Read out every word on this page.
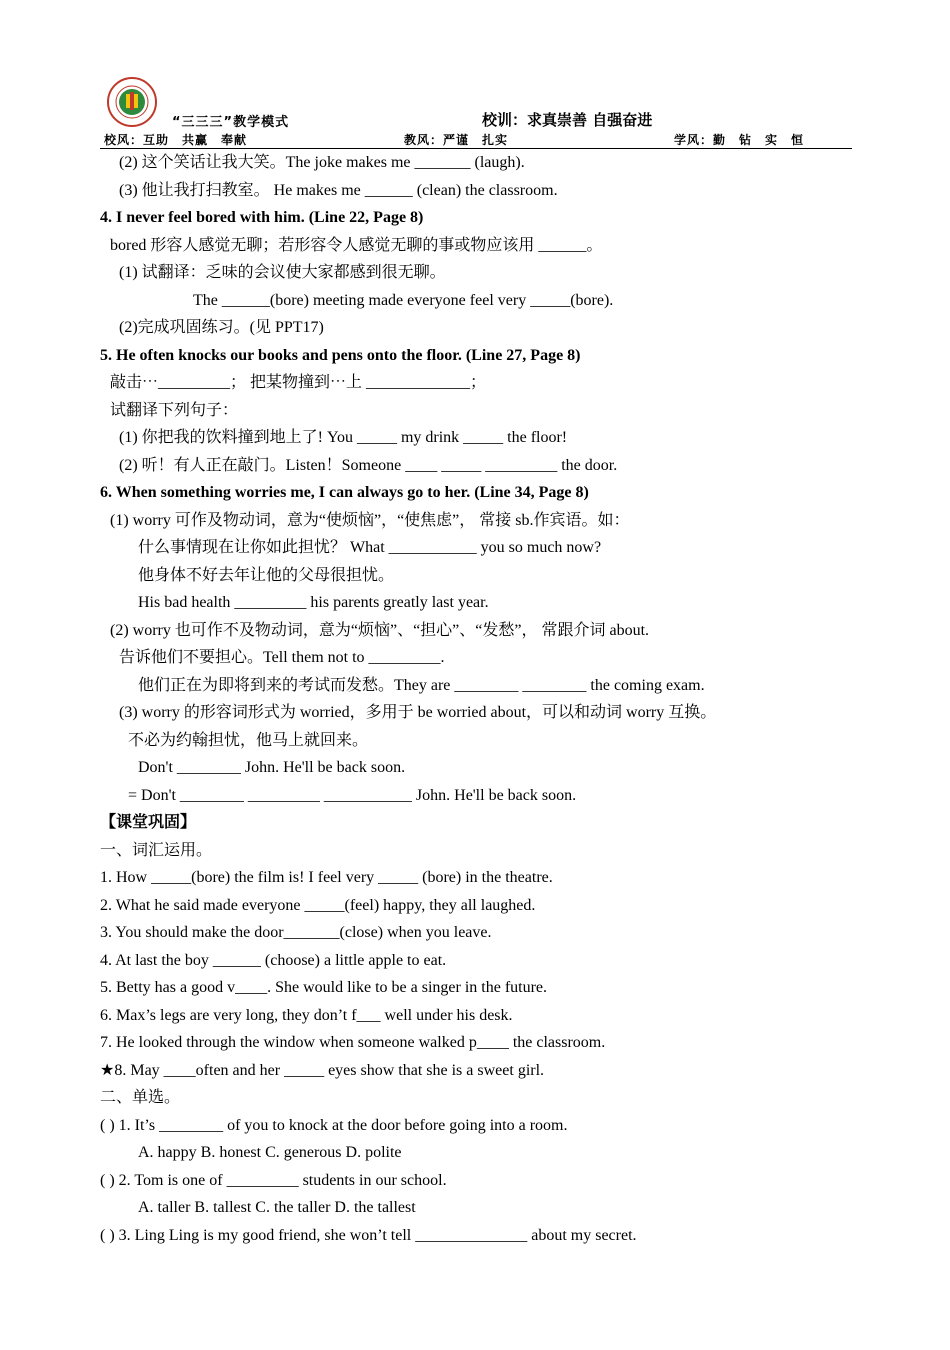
“三三三”教学模式	校训：求真崇善 自强奋进
校风：互助　共赢　奉献	教风：严谨　扎实	学风：勤　钻　实　恒
(2) 这个笑话让我大笑。The joke makes me _______ (laugh).
(3) 他让我打扫教室。 He makes me ______ (clean) the classroom.
4. I never feel bored with him. (Line 22, Page 8)
bored 形容人感觉无聊；若形容令人感觉无聊的事或物应该用 ______。
(1) 试翻译：乏味的会议使大家都感到很无聊。
The ______(bore) meeting made everyone feel very _____(bore).
(2)完成巩固练习。(见 PPT17)
5. He often knocks our books and pens onto the floor. (Line 27, Page 8)
敲击⋯_________； 把某物撞到⋯上 _____________；
试翻译下列句子：
(1) 你把我的饮料撞到地上了! You _____ my drink _____ the floor!
(2) 听！有人正在敲门。Listen！Someone ____ _____ _________ the door.
6. When something worries me, I can always go to her. (Line 34, Page 8)
(1) worry 可作及物动词，意为“使烦恼”，“使焦虑”， 常接 sb.作宾语。如：
什么事情现在让你如此担忧？ What ___________ you so much now?
他身体不好去年让他的父母很担忧。
His bad health _________ his parents greatly last year.
(2) worry 也可作不及物动词，意为“烦恼”、“担心”、“发愁”， 常跟介词 about.
告诉他们不要担心。Tell them not to _________.
他们正在为即将到来的考试而发愁。They are ________ ________ the coming exam.
(3) worry 的形容词形式为 worried，多用于 be worried about，可以和动词 worry 互换。
不必为约翰担忧，他马上就回来。
Don't ________ John. He'll be back soon.
= Don't ________ _________ ___________ John. He'll be back soon.
【课堂巩固】
一、词汇运用。
1. How _____(bore) the film is! I feel very _____ (bore) in the theatre.
2. What he said made everyone _____(feel) happy, they all laughed.
3. You should make the door_______(close) when you leave.
4. At last the boy ______ (choose) a little apple to eat.
5. Betty has a good v____. She would like to be a singer in the future.
6. Max’s legs are very long, they don’t f___ well under his desk.
7. He looked through the window when someone walked p____ the classroom.
★8. May ____often and her _____ eyes show that she is a sweet girl.
二、单选。
( ) 1. It’s ________ of you to knock at the door before going into a room.
A. happy B. honest C. generous D. polite
( ) 2. Tom is one of _________ students in our school.
A. taller B. tallest C. the taller D. the tallest
( ) 3. Ling Ling is my good friend, she won’t tell ______________ about my secret.
